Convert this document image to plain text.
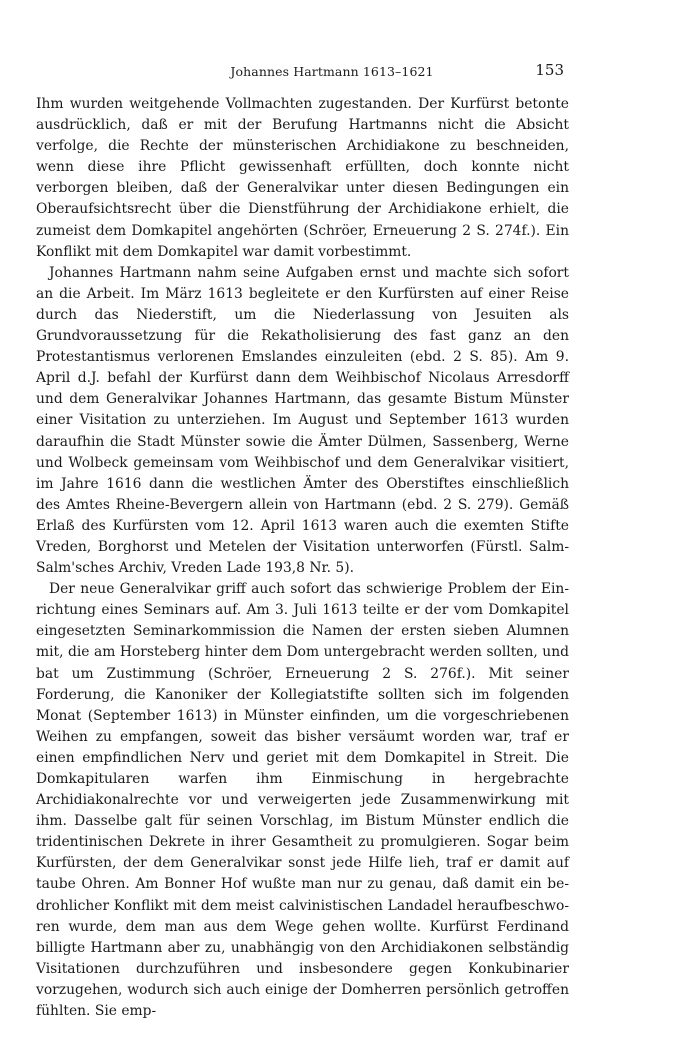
Johannes Hartmann 1613–1621	153

Ihm wurden weitgehende Vollmachten zugestanden. Der Kurfürst betonte ausdrücklich, daß er mit der Berufung Hartmanns nicht die Absicht verfolge, die Rechte der münsterischen Archidiakone zu beschneiden, wenn diese ihre Pflicht gewissenhaft erfüllten, doch konnte nicht verborgen bleiben, daß der Generalvikar unter diesen Bedingungen ein Oberaufsichtsrecht über die Dienstführung der Archidiakone erhielt, die zumeist dem Domkapitel angehörten (Schröer, Erneuerung 2 S. 274f.). Ein Konflikt mit dem Domkapitel war damit vorbestimmt.

Johannes Hartmann nahm seine Aufgaben ernst und machte sich sofort an die Arbeit. Im März 1613 begleitete er den Kurfürsten auf einer Reise durch das Niederstift, um die Niederlassung von Jesuiten als Grundvoraussetzung für die Rekatholisierung des fast ganz an den Protestantismus verlorenen Emslandes einzuleiten (ebd. 2 S. 85). Am 9. April d.J. befahl der Kurfürst dann dem Weihbischof Nicolaus Arresdorff und dem Generalvikar Johannes Hartmann, das gesamte Bistum Münster einer Visitation zu unterziehen. Im August und September 1613 wurden daraufhin die Stadt Münster sowie die Ämter Dülmen, Sassenberg, Werne und Wolbeck gemeinsam vom Weihbischof und dem Generalvikar visitiert, im Jahre 1616 dann die westlichen Ämter des Oberstiftes einschließlich des Amtes Rheine-Bevergern allein von Hartmann (ebd. 2 S. 279). Gemäß Erlaß des Kurfürsten vom 12. April 1613 waren auch die exemten Stifte Vreden, Borghorst und Metelen der Visitation unterworfen (Fürstl. Salm-Salm'sches Archiv, Vreden Lade 193,8 Nr. 5).

Der neue Generalvikar griff auch sofort das schwierige Problem der Einrichtung eines Seminars auf. Am 3. Juli 1613 teilte er der vom Domkapitel eingesetzten Seminarkommission die Namen der ersten sieben Alumnen mit, die am Horsteberg hinter dem Dom untergebracht werden sollten, und bat um Zustimmung (Schröer, Erneuerung 2 S. 276f.). Mit seiner Forderung, die Kanoniker der Kollegiatstifte sollten sich im folgenden Monat (September 1613) in Münster einfinden, um die vorgeschriebenen Weihen zu empfangen, soweit das bisher versäumt worden war, traf er einen empfindlichen Nerv und geriet mit dem Domkapitel in Streit. Die Domkapitularen warfen ihm Einmischung in hergebrachte Archidiakonalrechte vor und verweigerten jede Zusammenwirkung mit ihm. Dasselbe galt für seinen Vorschlag, im Bistum Münster endlich die tridentinischen Dekrete in ihrer Gesamtheit zu promulgieren. Sogar beim Kurfürsten, der dem Generalvikar sonst jede Hilfe lieh, traf er damit auf taube Ohren. Am Bonner Hof wußte man nur zu genau, daß damit ein bedrohlicher Konflikt mit dem meist calvinistischen Landadel heraufbeschworen wurde, dem man aus dem Wege gehen wollte. Kurfürst Ferdinand billigte Hartmann aber zu, unabhängig von den Archidiakonen selbständig Visitationen durchzuführen und insbesondere gegen Konkubinarier vorzugehen, wodurch sich auch einige der Domherren persönlich getroffen fühlten. Sie emp-
